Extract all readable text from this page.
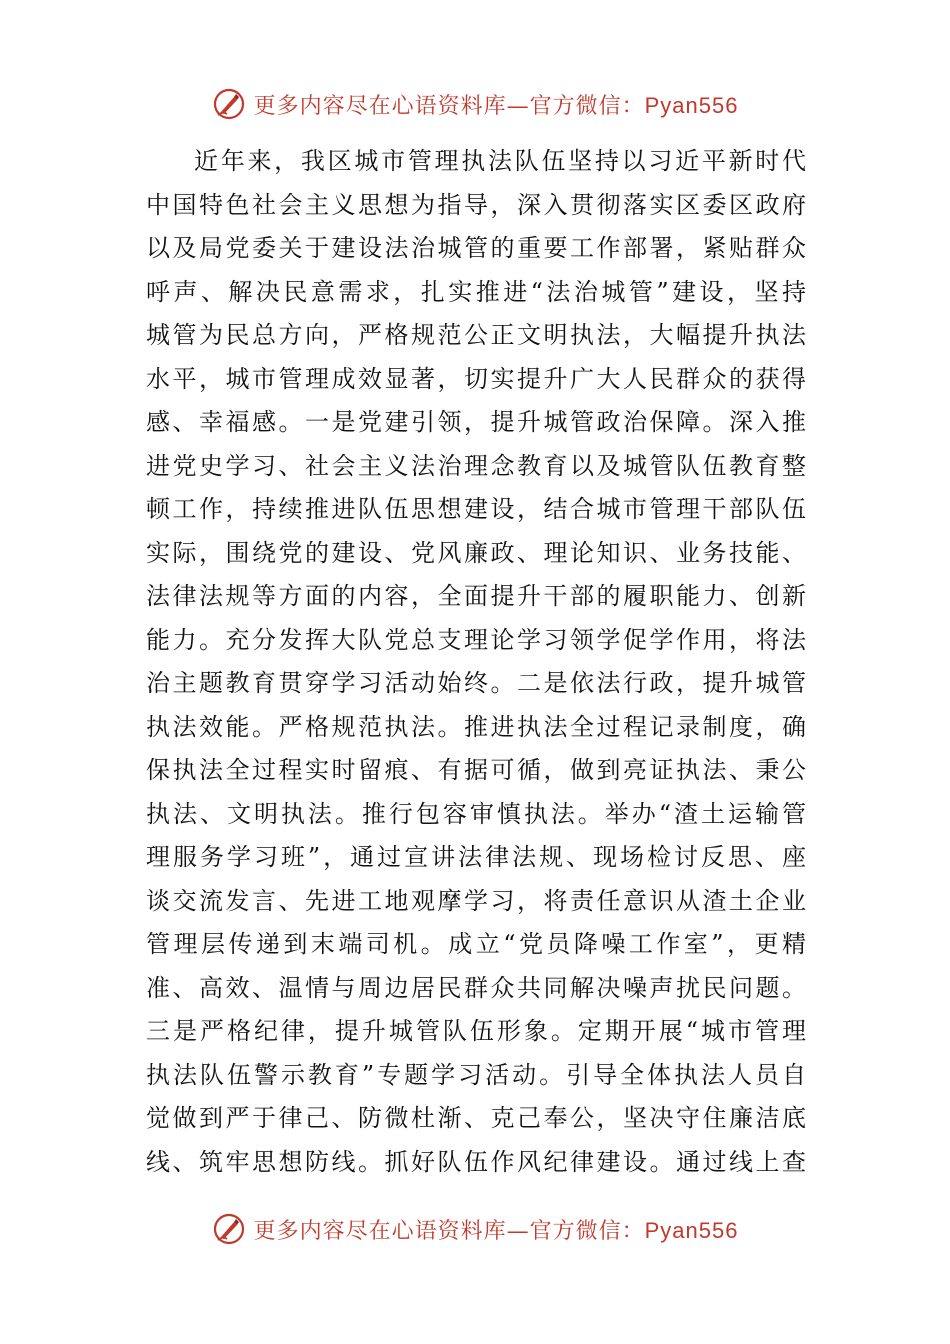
更多内容尽在心语资料库—官方微信：Pyan556
近年来，我区城市管理执法队伍坚持以习近平新时代
中国特色社会主义思想为指导，深入贯彻落实区委区政府
以及局党委关于建设法治城管的重要工作部署，紧贴群众
呼声、解决民意需求，扎实推进“法治城管”建设，坚持
城管为民总方向，严格规范公正文明执法，大幅提升执法
水平，城市管理成效显著，切实提升广大人民群众的获得
感、幸福感。一是党建引领，提升城管政治保障。深入推
进党史学习、社会主义法治理念教育以及城管队伍教育整
顿工作，持续推进队伍思想建设，结合城市管理干部队伍
实际，围绕党的建设、党风廉政、理论知识、业务技能、
法律法规等方面的内容，全面提升干部的履职能力、创新
能力。充分发挥大队党总支理论学习领学促学作用，将法
治主题教育贯穿学习活动始终。二是依法行政，提升城管
执法效能。严格规范执法。推进执法全过程记录制度，确
保执法全过程实时留痕、有据可循，做到亮证执法、秉公
执法、文明执法。推行包容审慎执法。举办“渣土运输管
理服务学习班”，通过宣讲法律法规、现场检讨反思、座
谈交流发言、先进工地观摩学习，将责任意识从渣土企业
管理层传递到末端司机。成立“党员降噪工作室”，更精
准、高效、温情与周边居民群众共同解决噪声扰民问题。
三是严格纪律，提升城管队伍形象。定期开展“城市管理
执法队伍警示教育”专题学习活动。引导全体执法人员自
觉做到严于律己、防微杜渐、克己奉公，坚决守住廉洁底
线、筑牢思想防线。抓好队伍作风纪律建设。通过线上查
更多内容尽在心语资料库—官方微信：Pyan556
